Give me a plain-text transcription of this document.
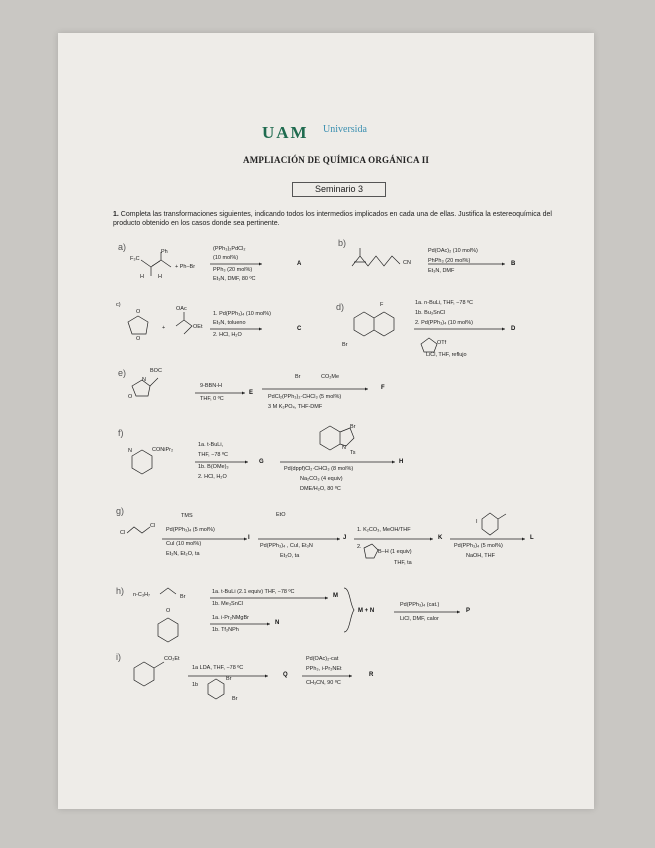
UAM Universida
AMPLIACIÓN DE QUÍMICA ORGÁNICA II
Seminario 3
1. Completa las transformaciones siguientes, indicando todos los intermedios implicados en cada una de ellas. Justifica la estereoquímica del producto obtenido en los casos donde sea pertinente.
a)
F₃C
Ph
H	H
+ Ph–Br
(PPh₃)₂PdCl₂
(10 mol%)
PPh₃ (20 mol%)
Et₃N, DMF, 80 ºC
A
b)
CN
Pd(OAc)₂ (10 mol%)
PhPh₃ (20 mol%)
Et₃N, DMF
B
c)
O
O
+
OAc
OEt
1. Pd(PPh₃)₄ (10 mol%)
Et₃N, tolueno
2. HCl, H₂O
C
d)	F
Br
1a. n-BuLi, THF, −78 ºC
1b. Bu₃SnCl
2. Pd(PPh₃)₄ (10 mol%)
OTf
LiCl, THF, reflujo
D
e)	BOC
N
O
9-BBN-H
THF, 0 ºC
E
Br	CO₂Me
PdCl₂(PPh₃)₂·CHCl₃ (5 mol%)
3 M K₃PO₄, THF-DMF
F
f)
N	CONiPr₂
1a. t-BuLi,
THF, −78 ºC
1b. B(OMe)₃
2. HCl, H₂O
G
Br
N
Ts
Pd(dppf)Cl₂·CHCl₃ (8 mol%)
Na₂CO₃ (4 equiv)
DME/H₂O, 80 ºC
H
g)
Cl
Cl
TMS
Pd(PPh₃)₄ (5 mol%)
CuI (10 mol%)
Et₂N, Et₂O, ta
I
EtO
Pd(PPh₃)₄ , CuI, Et₃N
Et₂O, ta
J
1. K₂CO₃, MeOH/THF
2.
B–H (1 equiv)
THF, ta
K
I
Pd(PPh₃)₄ (5 mol%)
NaOH, THF
L
h) n-C₃H₇	Br
1a. t-BuLi (2.1 equiv) THF, −78 ºC
1b. Me₃SnCl
M
O
1a. i-Pr₂NMgBr
1b. Tf₂NPh
N
M + N
Pd(PPh₃)₄ (cat.)
LiCl, DMF, calor
P
i)	CO₂Et
1a LDA, THF, −78 ºC
1b
Br
Br
Q
Pd(OAc)₂-cat
PPh₃, i-Pr₂NEt
CH₃CN, 90 ºC
R
